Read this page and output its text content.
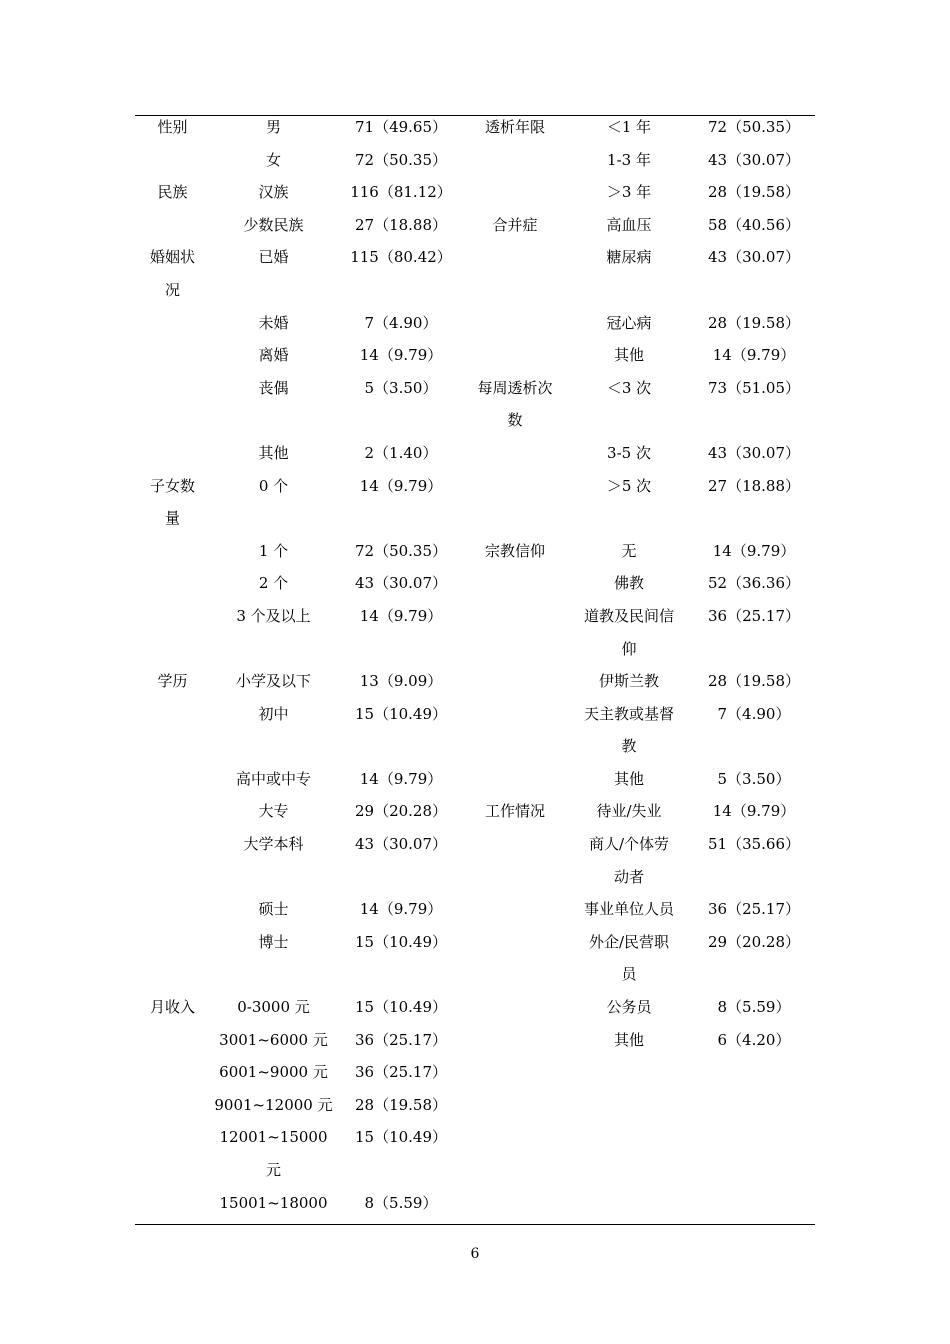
性别	男	71（49.65）	透析年限	＜1 年	72（50.35）
	女	72（50.35）		1-3 年	43（30.07）
民族	汉族	116（81.12）		＞3 年	28（19.58）
	少数民族	27（18.88）	合并症	高血压	58（40.56）
婚姻状	已婚	115（80.42）		糖尿病	43（30.07）
况					
	未婚	7（4.90）		冠心病	28（19.58）
	离婚	14（9.79）		其他	14（9.79）
	丧偶	5（3.50）	每周透析次	＜3 次	73（51.05）
			数		
	其他	2（1.40）		3-5 次	43（30.07）
子女数	0 个	14（9.79）		＞5 次	27（18.88）
量					
	1 个	72（50.35）	宗教信仰	无	14（9.79）
	2 个	43（30.07）		佛教	52（36.36）
	3 个及以上	14（9.79）		道教及民间信	36（25.17）
				仰	
学历	小学及以下	13（9.09）		伊斯兰教	28（19.58）
	初中	15（10.49）		天主教或基督	7（4.90）
				教	
	高中或中专	14（9.79）		其他	5（3.50）
	大专	29（20.28）	工作情况	待业/失业	14（9.79）
	大学本科	43（30.07）		商人/个体劳	51（35.66）
				动者	
	硕士	14（9.79）		事业单位人员	36（25.17）
	博士	15（10.49）		外企/民营职	29（20.28）
				员	
月收入	0-3000 元	15（10.49）		公务员	8（5.59）
	3001~6000 元	36（25.17）		其他	6（4.20）
	6001~9000 元	36（25.17）			
	9001~12000 元	28（19.58）			
	12001~15000	15（10.49）			
	元				
	15001~18000	8（5.59）			
6
